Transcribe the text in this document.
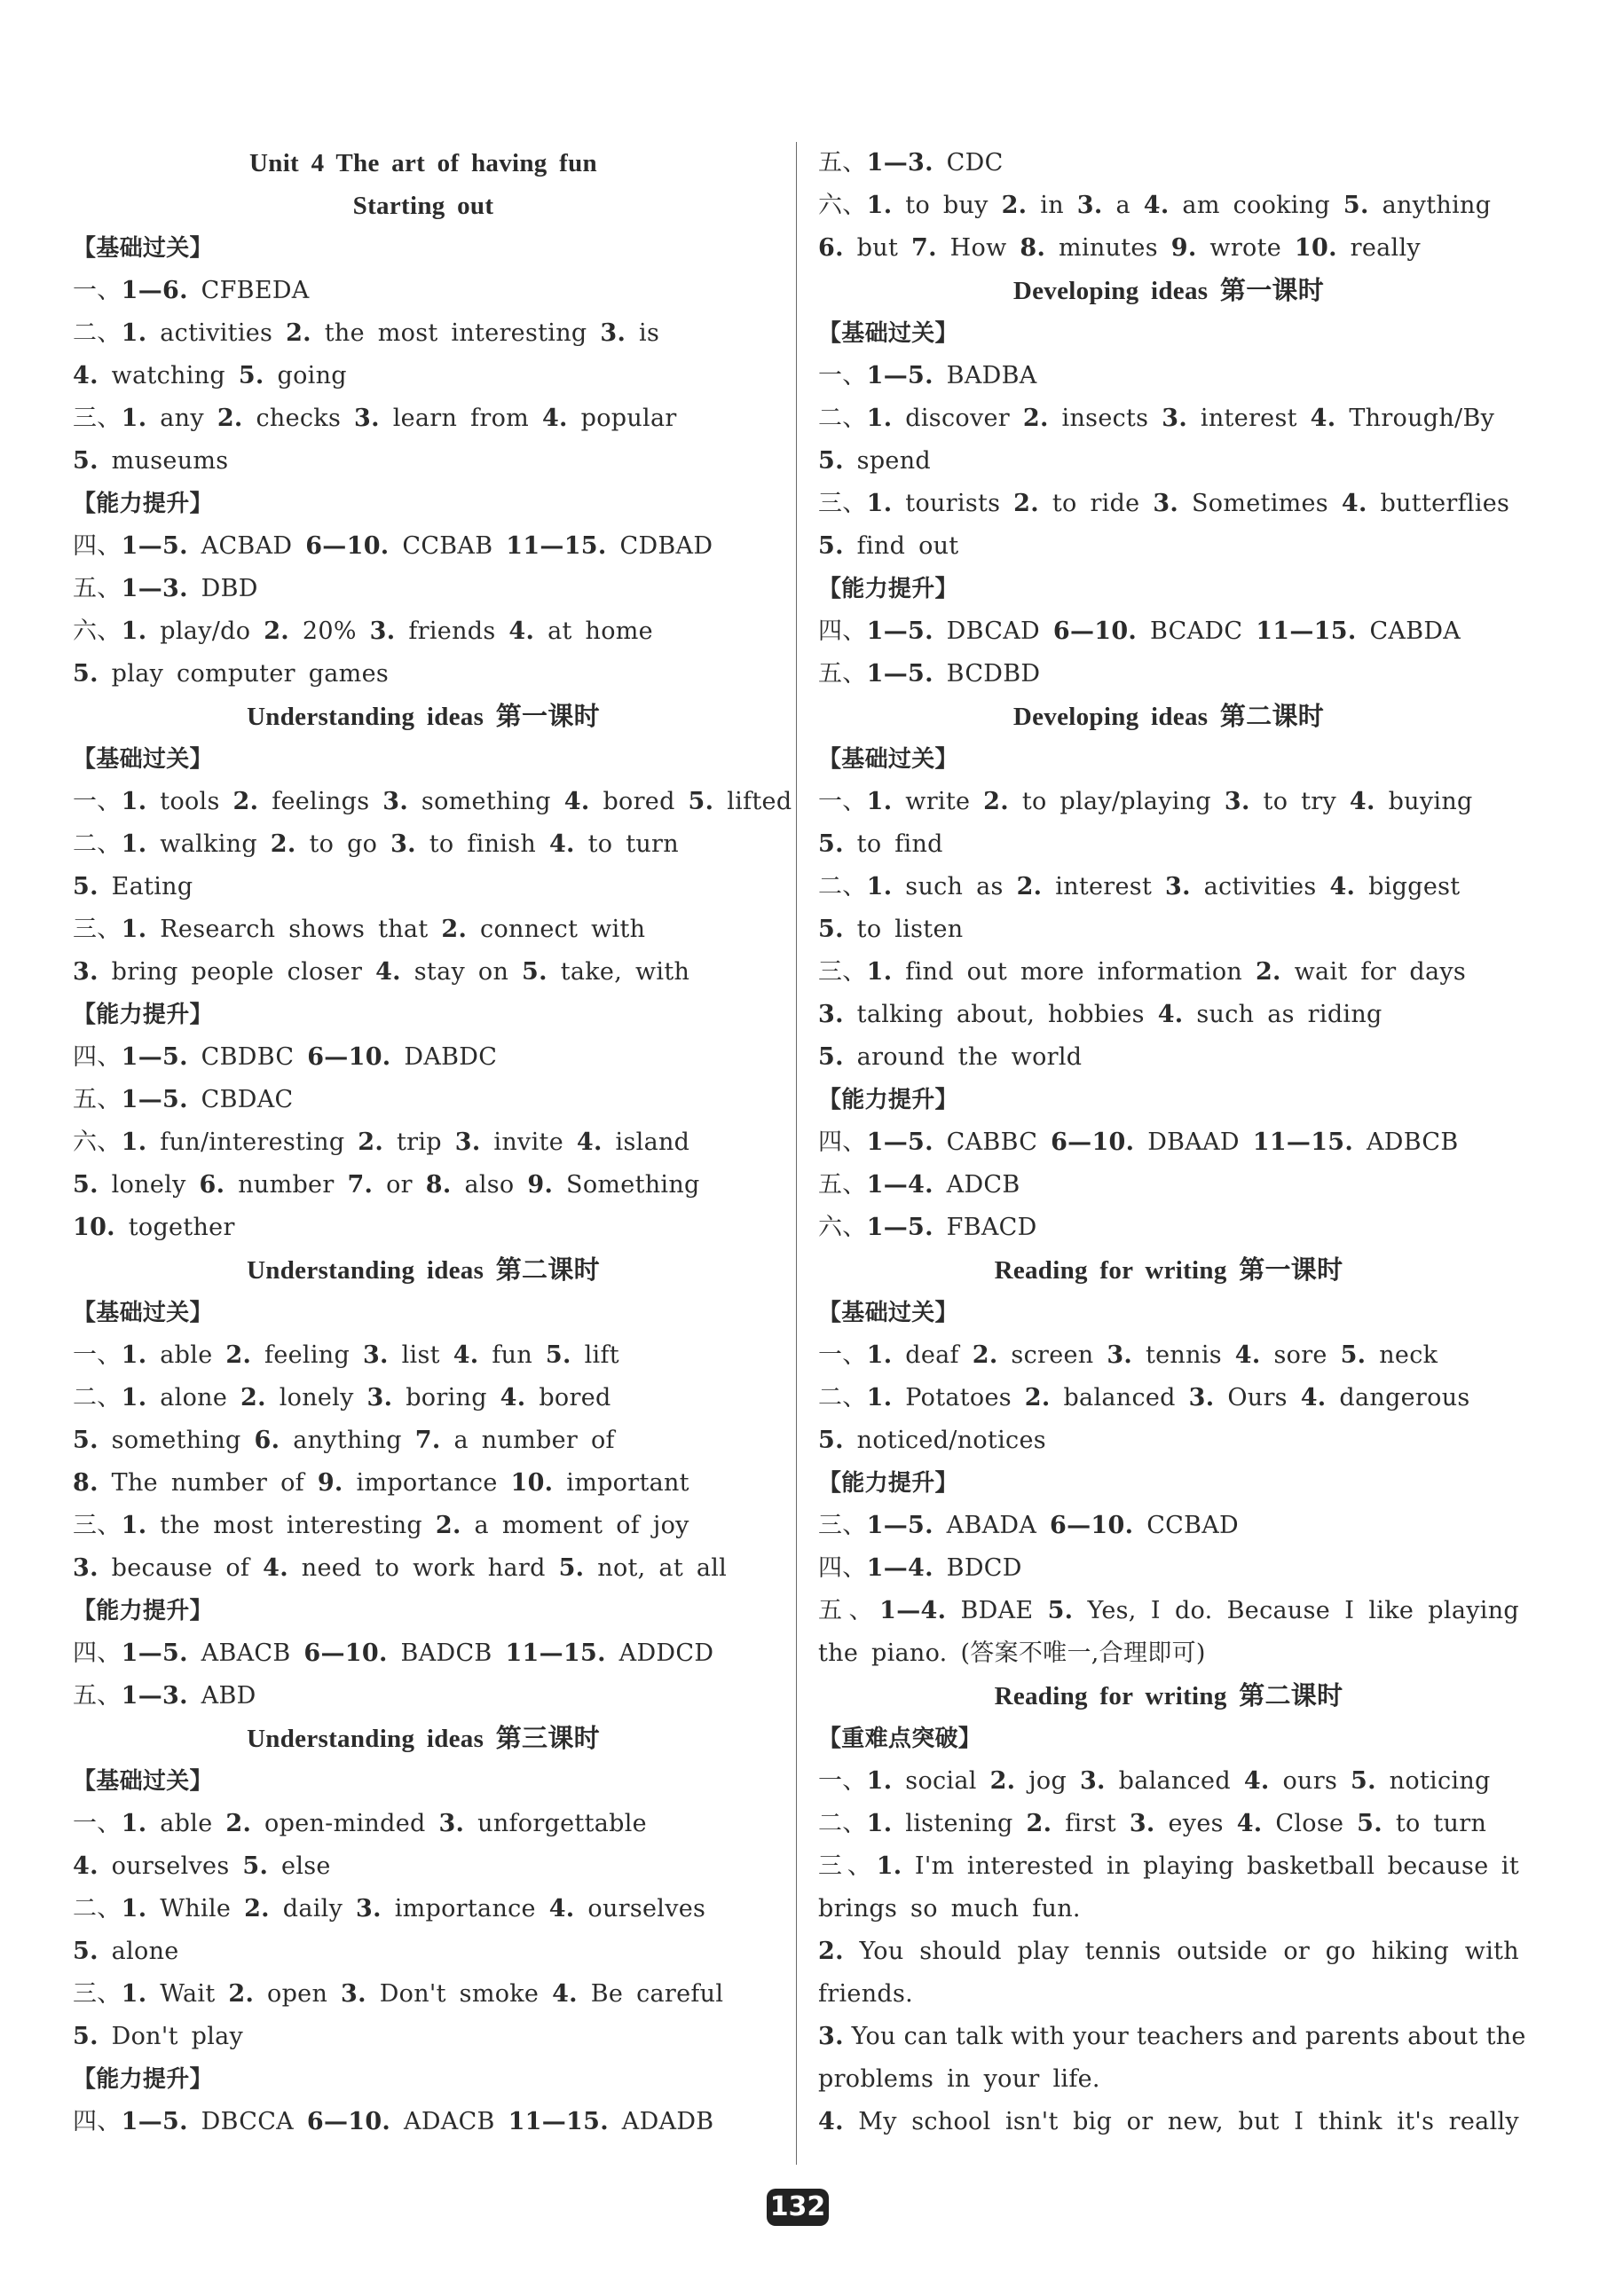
Unit 4 The art of having fun
Starting out
【基础过关】
一、1—6. CFBEDA
二、1. activities 2. the most interesting 3. is
4. watching 5. going
三、1. any 2. checks 3. learn from 4. popular
5. museums
【能力提升】
四、1—5. ACBAD 6—10. CCBAB 11—15. CDBAD
五、1—3. DBD
六、1. play/do 2. 20% 3. friends 4. at home
5. play computer games
Understanding ideas 第一课时
【基础过关】
一、1. tools 2. feelings 3. something 4. bored 5. lifted
二、1. walking 2. to go 3. to finish 4. to turn
5. Eating
三、1. Research shows that 2. connect with
3. bring people closer 4. stay on 5. take, with
【能力提升】
四、1—5. CBDBC 6—10. DABDC
五、1—5. CBDAC
六、1. fun/interesting 2. trip 3. invite 4. island
5. lonely 6. number 7. or 8. also 9. Something
10. together
Understanding ideas 第二课时
【基础过关】
一、1. able 2. feeling 3. list 4. fun 5. lift
二、1. alone 2. lonely 3. boring 4. bored
5. something 6. anything 7. a number of
8. The number of 9. importance 10. important
三、1. the most interesting 2. a moment of joy
3. because of 4. need to work hard 5. not, at all
【能力提升】
四、1—5. ABACB 6—10. BADCB 11—15. ADDCD
五、1—3. ABD
Understanding ideas 第三课时
【基础过关】
一、1. able 2. open-minded 3. unforgettable
4. ourselves 5. else
二、1. While 2. daily 3. importance 4. ourselves
5. alone
三、1. Wait 2. open 3. Don't smoke 4. Be careful
5. Don't play
【能力提升】
四、1—5. DBCCA 6—10. ADACB 11—15. ADADB
五、1—3. CDC
六、1. to buy 2. in 3. a 4. am cooking 5. anything
6. but 7. How 8. minutes 9. wrote 10. really
Developing ideas 第一课时
【基础过关】
一、1—5. BADBA
二、1. discover 2. insects 3. interest 4. Through/By
5. spend
三、1. tourists 2. to ride 3. Sometimes 4. butterflies
5. find out
【能力提升】
四、1—5. DBCAD 6—10. BCADC 11—15. CABDA
五、1—5. BCDBD
Developing ideas 第二课时
【基础过关】
一、1. write 2. to play/playing 3. to try 4. buying
5. to find
二、1. such as 2. interest 3. activities 4. biggest
5. to listen
三、1. find out more information 2. wait for days
3. talking about, hobbies 4. such as riding
5. around the world
【能力提升】
四、1—5. CABBC 6—10. DBAAD 11—15. ADBCB
五、1—4. ADCB
六、1—5. FBACD
Reading for writing 第一课时
【基础过关】
一、1. deaf 2. screen 3. tennis 4. sore 5. neck
二、1. Potatoes 2. balanced 3. Ours 4. dangerous
5. noticed/notices
【能力提升】
三、1—5. ABADA 6—10. CCBAD
四、1—4. BDCD
五、1—4. BDAE 5. Yes, I do. Because I like playing
the piano. (答案不唯一,合理即可)
Reading for writing 第二课时
【重难点突破】
一、1. social 2. jog 3. balanced 4. ours 5. noticing
二、1. listening 2. first 3. eyes 4. Close 5. to turn
三、1. I'm interested in playing basketball because it
brings so much fun.
2. You should play tennis outside or go hiking with
friends.
3. You can talk with your teachers and parents about the
problems in your life.
4. My school isn't big or new, but I think it's really
132
